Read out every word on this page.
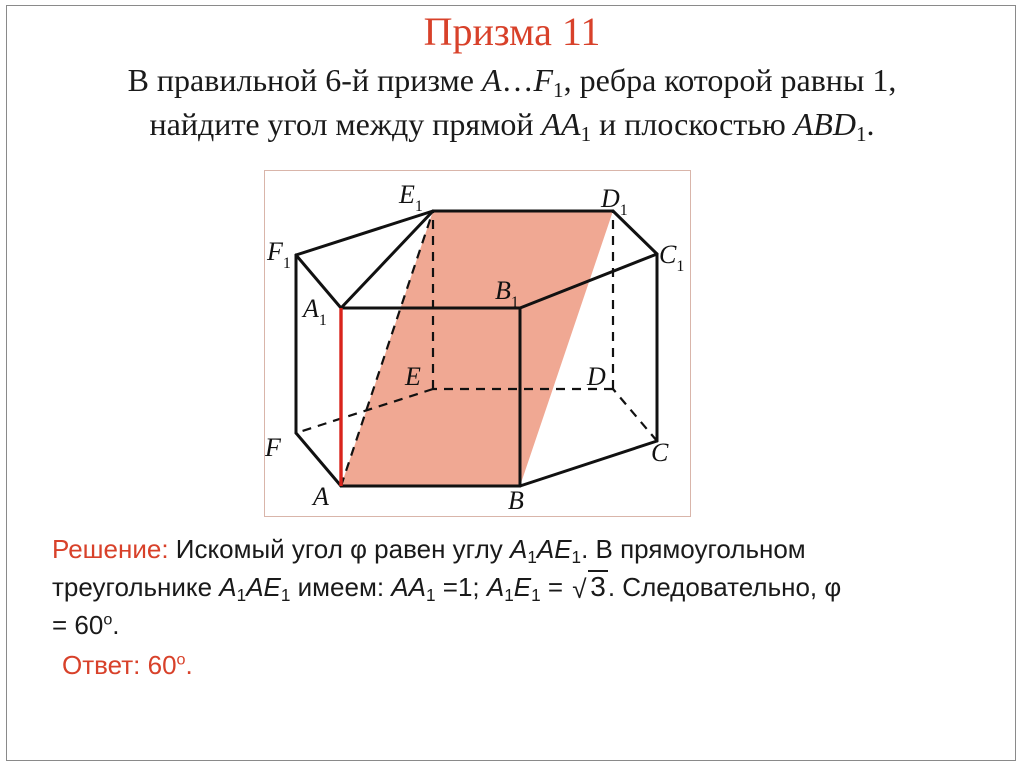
Призма 11
В правильной 6-й призме $A\dots F_1$, ребра которой равны 1,
найдите угол между прямой $AA_1$ и плоскостью $ABD_1$.
A	B
C
D
E
F
$A_1$
$B_1$
$C_1$
$D_1$
$E_1$
$F_1$
Решение: Искомый угол φ равен углу $A_1AE_1$. В прямоугольном
треугольнике $A_1AE_1$ имеем: $AA_1 =1$; $A_1E_1$ = √ 3. Следовательно, φ
= $60^o$.
Ответ: 60$^o$.
